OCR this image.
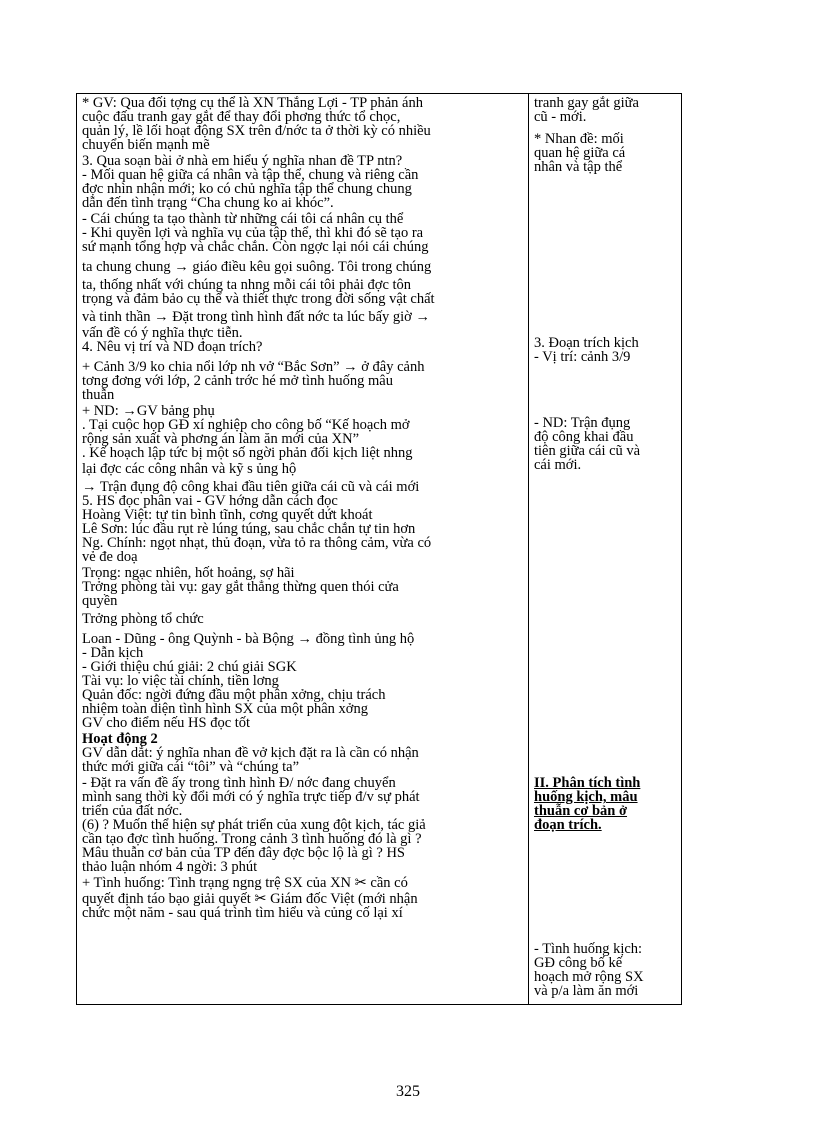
* GV: Qua đối tợng cụ thể là XN Thắng Lợi - TP phản ánh
cuộc đấu tranh gay gắt để thay đổi phơng thức tổ chọc,
quản lý, lề lối hoạt động SX trên đ/nớc ta ở thời kỳ có nhiều
chuyển biến mạnh mẽ
3. Qua soạn bài ở nhà em hiểu ý nghĩa nhan đề TP ntn?
- Mối quan hệ giữa cá nhân và tập thể, chung và riêng cần
đợc nhìn nhận mới; ko có chủ nghĩa tập thể chung chung
dẫn đến tình trạng “Cha chung ko ai khóc”.
- Cái chúng ta tạo thành từ những cái tôi cá nhân cụ thể
- Khi quyền lợi và nghĩa vụ của tập thể, thì khi đó sẽ tạo ra
sứ mạnh tổng hợp và chắc chắn. Còn ngợc lại nói cái chúng
ta chung chung → giáo điều kêu gọi suông. Tôi trong chúng
ta, thống nhất với chúng ta nhng mỗi cái tôi phải đợc tôn
trọng và đảm bảo cụ thể và thiết thực trong đời sống vật chất
và tinh thần → Đặt trong tình hình đất nớc ta lúc bấy giờ →
vấn đề có ý nghĩa thực tiễn.
4. Nêu vị trí và ND đoạn trích?
+ Cảnh 3/9 ko chia nổi lớp nh vở “Bắc Sơn” → ở đây cảnh
tơng đơng với lớp, 2 cảnh trớc hé mở tình huống mâu
thuẫn
+ ND: →GV bảng phụ
. Tại cuộc họp GĐ xí nghiệp cho công bố “Kế hoạch mở
rộng sản xuất và phơng án làm ăn mới của XN”
. Kế hoạch lập tức bị một số ngời phản đối kịch liệt nhng
lại đợc các công nhân và kỹ s ủng hộ
→ Trận đụng độ công khai đầu tiên giữa cái cũ và cái mới
5. HS đọc phân vai - GV hớng dẫn cách đọc
Hoàng Việt: tự tin bình tĩnh, cơng quyết dứt khoát
Lê Sơn: lúc đầu rụt rè lúng túng, sau chắc chắn tự tin hơn
Ng. Chính: ngọt nhạt, thủ đoạn, vừa tỏ ra thông cảm, vừa có
vẻ đe doạ
Trọng: ngạc nhiên, hốt hoảng, sợ hãi
Trởng phòng tài vụ: gay gắt thẳng thừng quen thói cửa
quyền
Trởng phòng tổ chức
Loan - Dũng - ông Quỳnh - bà Bộng → đồng tình ủng hộ
- Dẫn kịch
- Giới thiệu chú giải: 2 chú giải SGK
Tài vụ: lo việc tài chính, tiền lơng
Quản đốc: ngời đứng đầu một phân xởng, chịu trách
nhiệm toàn diện tình hình SX của một phân xởng
GV cho điểm nếu HS đọc tốt
Hoạt động 2
GV dẫn dắt: ý nghĩa nhan đề vở kịch đặt ra là cần có nhận
thức mới giữa cái “tôi” và “chúng ta”
- Đặt ra vấn đề ấy trong tình hình Đ/ nớc đang chuyển
mình sang thời kỳ đổi mới có ý nghĩa trực tiếp đ/v sự phát
triển của đất nớc.
(6) ? Muốn thể hiện sự phát triển của xung đột kịch, tác giả
cần tạo đợc tình huống. Trong cảnh 3 tình huống đó là gì ?
Mâu thuẫn cơ bản của TP đến đây đợc bộc lộ là gì ? HS
thảo luận nhóm 4 ngời: 3 phút
+ Tình huống: Tình trạng ngng trệ SX của XN ✂ cần có
quyết định táo bạo giải quyết ✂ Giám đốc Việt (mới nhận
chức một năm - sau quá trình tìm hiểu và củng cố lại xí
tranh gay gắt giữa
cũ - mới.
* Nhan đề: mối
quan hệ giữa cá
nhân và tập thể
3. Đoạn trích kịch
- Vị trí: cảnh 3/9
- ND: Trận đụng
độ công khai đầu
tiên giữa cái cũ và
cái mới.
II. Phân tích tình
huống kịch, mâu
thuẫn cơ bản ở
đoạn trích.
- Tình huống kịch:
GĐ công bố kế
hoạch mở rộng SX
và p/a làm ăn mới
325
